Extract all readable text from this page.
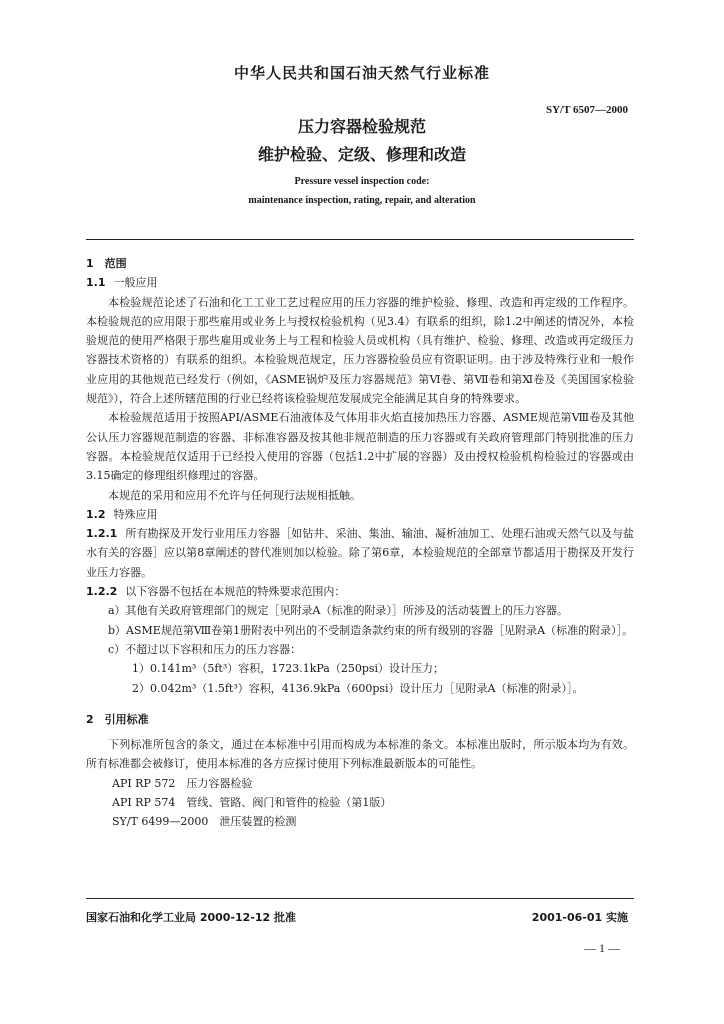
中华人民共和国石油天然气行业标准
SY/T 6507—2000
压力容器检验规范
维护检验、定级、修理和改造
Pressure vessel inspection code:
maintenance inspection, rating, repair, and alteration

1　范围

1.1 一般应用

本检验规范论述了石油和化工工业工艺过程应用的压力容器的维护检验、修理、改造和再定级的工作程序。本检验规范的应用限于那些雇用或业务上与授权检验机构（见3.4）有联系的组织，除1.2中阐述的情况外，本检验规范的使用严格限于那些雇用或业务上与工程和检验人员或机构（具有维护、检验、修理、改造或再定级压力容器技术资格的）有联系的组织。本检验规范规定，压力容器检验员应有资职证明。由于涉及特殊行业和一般作业应用的其他规范已经发行（例如，《ASME锅炉及压力容器规范》第Ⅵ卷、第Ⅶ卷和第Ⅺ卷及《美国国家检验规范》），符合上述所辖范围的行业已经将该检验规范发展成完全能满足其自身的特殊要求。

本检验规范适用于按照API/ASME石油液体及气体用非火焰直接加热压力容器、ASME规范第Ⅷ卷及其他公认压力容器规范制造的容器、非标准容器及按其他非规范制造的压力容器或有关政府管理部门特别批准的压力容器。本检验规范仅适用于已经投入使用的容器（包括1.2中扩展的容器）及由授权检验机构检验过的容器或由3.15确定的修理组织修理过的容器。

本规范的采用和应用不允许与任何现行法规相抵触。

1.2 特殊应用

1.2.1 所有勘探及开发行业用压力容器［如钻井、采油、集油、输油、凝析油加工、处理石油或天然气以及与盐水有关的容器］应以第8章阐述的替代准则加以检验。除了第6章，本检验规范的全部章节都适用于勘探及开发行业压力容器。

1.2.2 以下容器不包括在本规范的特殊要求范围内：

a）其他有关政府管理部门的规定［见附录A（标准的附录）］所涉及的活动装置上的压力容器。

b）ASME规范第Ⅷ卷第1册附表中列出的不受制造条款约束的所有级别的容器［见附录A（标准的附录）］。

c）不超过以下容积和压力的压力容器：

1）0.141m³（5ft³）容积，1723.1kPa（250psi）设计压力；

2）0.042m³（1.5ft³）容积，4136.9kPa（600psi）设计压力［见附录A（标准的附录）］。

2　引用标准

下列标准所包含的条文，通过在本标准中引用而构成为本标准的条文。本标准出版时，所示版本均为有效。所有标准都会被修订，使用本标准的各方应探讨使用下列标准最新版本的可能性。

API RP 572　压力容器检验

API RP 574　管线、管路、阀门和管件的检验（第1版）

SY/T 6499—2000　泄压装置的检测

国家石油和化学工业局 2000-12-12 批准	2001-06-01 实施
— 1 —
